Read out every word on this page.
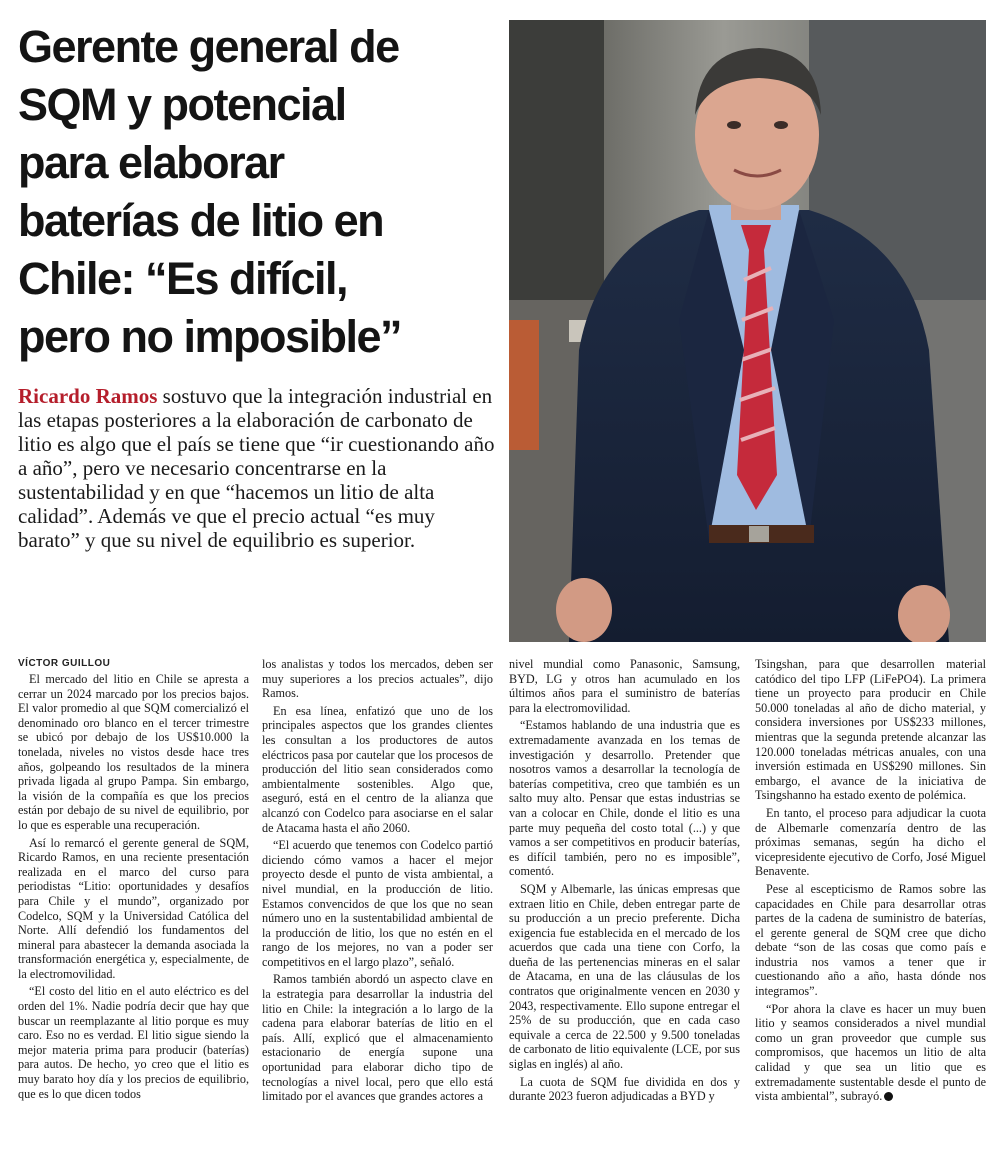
Gerente general de
SQM y potencial
para elaborar
baterías de litio en
Chile: “Es difícil,
pero no imposible”
Ricardo Ramos sostuvo que la integración industrial en las etapas posteriores a la elaboración de carbonato de litio es algo que el país se tiene que “ir cuestionando año a año”, pero ve necesario concentrarse en la sustentabilidad y en que “hacemos un litio de alta calidad”. Además ve que el precio actual “es muy barato” y que su nivel de equilibrio es superior.
VÍCTOR GUILLOU

El mercado del litio en Chile se apresta a cerrar un 2024 marcado por los precios bajos. El valor promedio al que SQM comercializó el denominado oro blanco en el tercer trimestre se ubicó por debajo de los US$10.000 la tonelada, niveles no vistos desde hace tres años, golpeando los resultados de la minera privada ligada al grupo Pampa. Sin embargo, la visión de la compañía es que los precios están por debajo de su nivel de equilibrio, por lo que es esperable una recuperación.

Así lo remarcó el gerente general de SQM, Ricardo Ramos, en una reciente presentación realizada en el marco del curso para periodistas “Litio: oportunidades y desafíos para Chile y el mundo”, organizado por Codelco, SQM y la Universidad Católica del Norte. Allí defendió los fundamentos del mineral para abastecer la demanda asociada la transformación energética y, especialmente, de la electromovilidad.

“El costo del litio en el auto eléctrico es del orden del 1%. Nadie podría decir que hay que buscar un reemplazante al litio porque es muy caro. Eso no es verdad. El litio sigue siendo la mejor materia prima para producir (baterías) para autos. De hecho, yo creo que el litio es muy barato hoy día y los precios de equilibrio, que es lo que dicen todos

los analistas y todos los mercados, deben ser muy superiores a los precios actuales”, dijo Ramos.

En esa línea, enfatizó que uno de los principales aspectos que los grandes clientes les consultan a los productores de autos eléctricos pasa por cautelar que los procesos de producción del litio sean considerados como ambientalmente sostenibles. Algo que, aseguró, está en el centro de la alianza que alcanzó con Codelco para asociarse en el salar de Atacama hasta el año 2060.

“El acuerdo que tenemos con Codelco partió diciendo cómo vamos a hacer el mejor proyecto desde el punto de vista ambiental, a nivel mundial, en la producción de litio. Estamos convencidos de que los que no sean número uno en la sustentabilidad ambiental de la producción de litio, los que no estén en el rango de los mejores, no van a poder ser competitivos en el largo plazo”, señaló.

Ramos también abordó un aspecto clave en la estrategia para desarrollar la industria del litio en Chile: la integración a lo largo de la cadena para elaborar baterías de litio en el país. Allí, explicó que el almacenamiento estacionario de energía supone una oportunidad para elaborar dicho tipo de tecnologías a nivel local, pero que ello está limitado por el avances que grandes actores a

nivel mundial como Panasonic, Samsung, BYD, LG y otros han acumulado en los últimos años para el suministro de baterías para la electromovilidad.

“Estamos hablando de una industria que es extremadamente avanzada en los temas de investigación y desarrollo. Pretender que nosotros vamos a desarrollar la tecnología de baterías competitiva, creo que también es un salto muy alto. Pensar que estas industrias se van a colocar en Chile, donde el litio es una parte muy pequeña del costo total (...) y que vamos a ser competitivos en producir baterías, es difícil también, pero no es imposible”, comentó.

SQM y Albemarle, las únicas empresas que extraen litio en Chile, deben entregar parte de su producción a un precio preferente. Dicha exigencia fue establecida en el mercado de los acuerdos que cada una tiene con Corfo, la dueña de las pertenencias mineras en el salar de Atacama, en una de las cláusulas de los contratos que originalmente vencen en 2030 y 2043, respectivamente. Ello supone entregar el 25% de su producción, que en cada caso equivale a cerca de 22.500 y 9.500 toneladas de carbonato de litio equivalente (LCE, por sus siglas en inglés) al año.

La cuota de SQM fue dividida en dos y durante 2023 fueron adjudicadas a BYD y

Tsingshan, para que desarrollen material catódico del tipo LFP (LiFePO4). La primera tiene un proyecto para producir en Chile 50.000 toneladas al año de dicho material, y considera inversiones por US$233 millones, mientras que la segunda pretende alcanzar las 120.000 toneladas métricas anuales, con una inversión estimada en US$290 millones. Sin embargo, el avance de la iniciativa de Tsingshanno ha estado exento de polémica.

En tanto, el proceso para adjudicar la cuota de Albemarle comenzaría dentro de las próximas semanas, según ha dicho el vicepresidente ejecutivo de Corfo, José Miguel Benavente.

Pese al escepticismo de Ramos sobre las capacidades en Chile para desarrollar otras partes de la cadena de suministro de baterías, el gerente general de SQM cree que dicho debate “son de las cosas que como país e industria nos vamos a tener que ir cuestionando año a año, hasta dónde nos integramos”.

“Por ahora la clave es hacer un muy buen litio y seamos considerados a nivel mundial como un gran proveedor que cumple sus compromisos, que hacemos un litio de alta calidad y que sea un litio que es extremadamente sustentable desde el punto de vista ambiental”, subrayó.
